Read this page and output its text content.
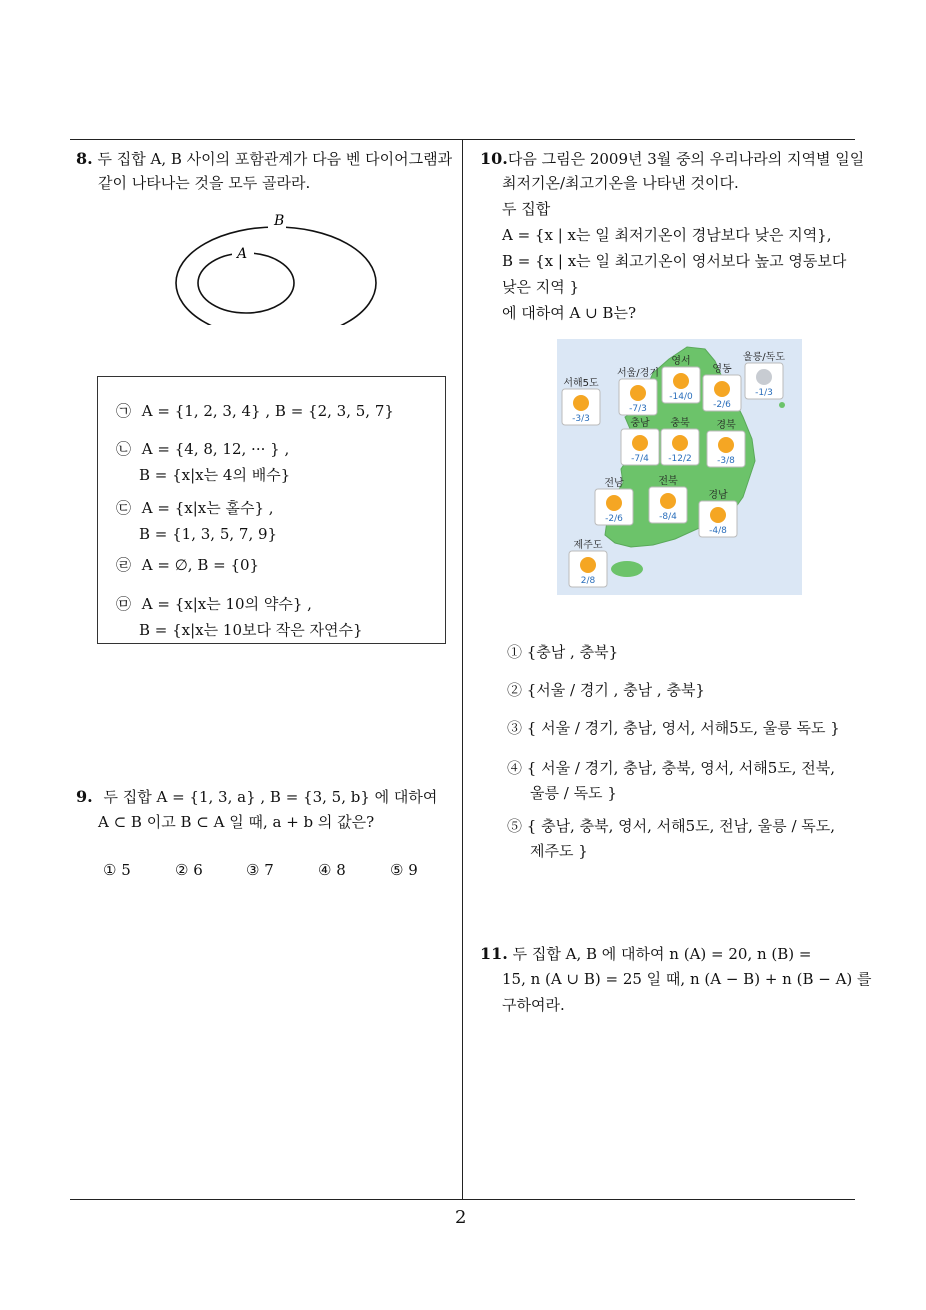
8. 두 집합 A, B 사이의 포함관계가 다음 벤 다이어그램과
같이 나타나는 것을 모두 골라라.
B
A
㉠ A = {1, 2, 3, 4} , B = {2, 3, 5, 7}
㉡ A = {4, 8, 12, ··· } ,
B = {x|x는 4의 배수}
㉢ A = {x|x는 홀수} ,
B = {1, 3, 5, 7, 9}
㉣ A = ∅, B = {0}
㉤ A = {x|x는 10의 약수} ,
B = {x|x는 10보다 작은 자연수}
9. 두 집합 A = {1, 3, a} , B = {3, 5, b} 에 대하여
A ⊂ B 이고 B ⊂ A 일 때, a + b 의 값은?
① 5	② 6	③ 7	④ 8	⑤ 9
10.다음 그림은 2009년 3월 중의 우리나라의 지역별 일일
최저기온/최고기온을 나타낸 것이다.
두 집합
A = {x | x는 일 최저기온이 경남보다 낮은 지역},
B = {x | x는 일 최고기온이 영서보다 높고 영동보다
낮은 지역 }
에 대하여 A ∪ B는?
서해5도
-3/3
서울/경기
-7/3
영서
-14/0
영동
-2/6
울릉/독도
-1/3
충남
-7/4
충북
-12/2
경북
-3/8
전남
-2/6
전북
-8/4
경남
-4/8
제주도
2/8
① {충남 , 충북}
② {서울 / 경기 , 충남 , 충북}
③ { 서울 / 경기, 충남, 영서, 서해5도, 울릉 독도 }
④ { 서울 / 경기, 충남, 충북, 영서, 서해5도, 전북,
울릉 / 독도 }
⑤ { 충남, 충북, 영서, 서해5도, 전남, 울릉 / 독도,
제주도 }
11. 두 집합 A, B 에 대하여 n (A) = 20, n (B) =
15, n (A ∪ B) = 25 일 때, n (A − B) + n (B − A) 를
구하여라.
2
